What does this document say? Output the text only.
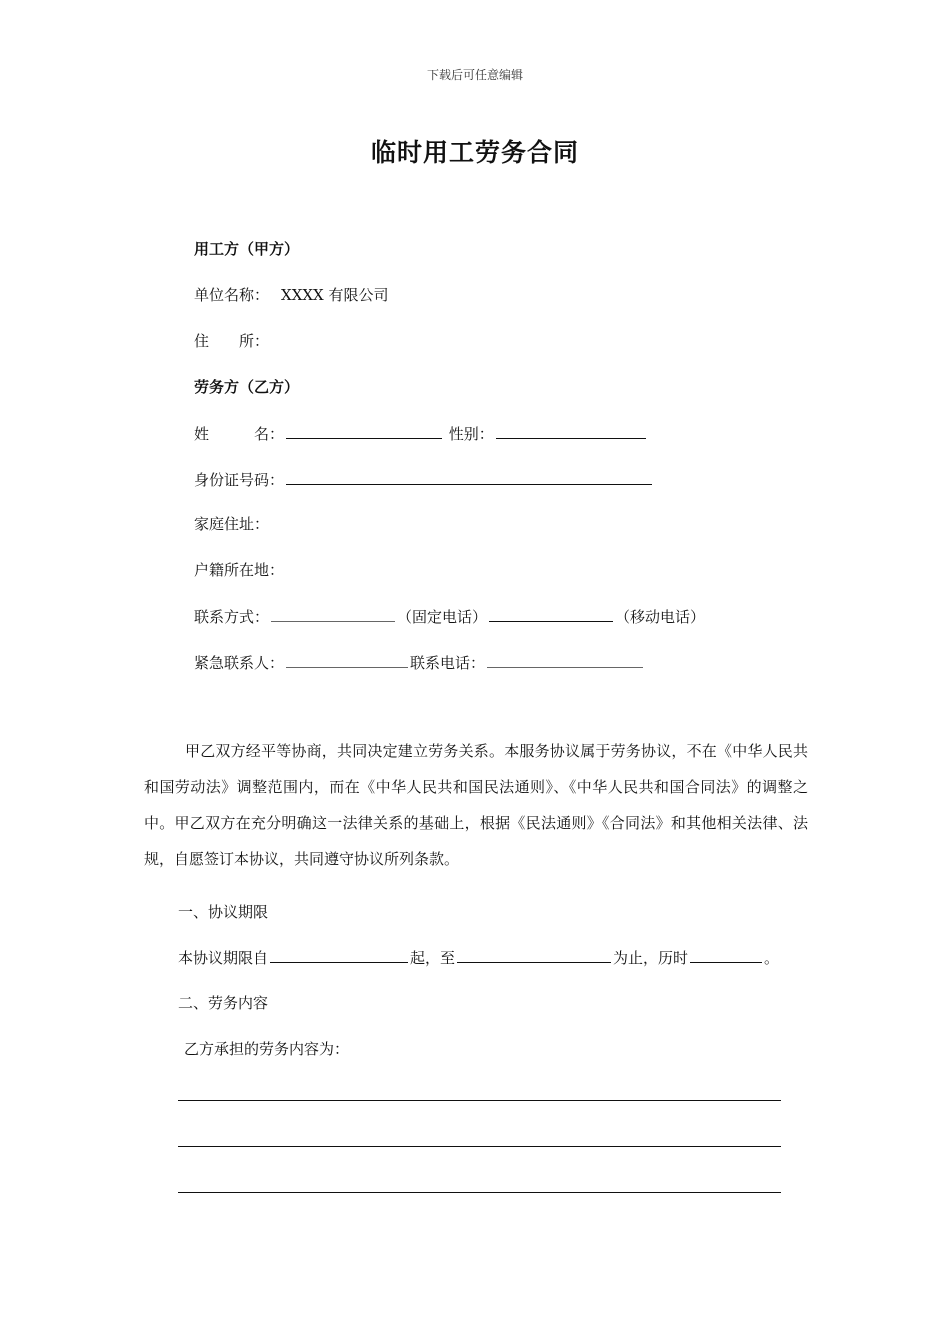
下载后可任意编辑
临时用工劳务合同
用工方（甲方）
单位名称： XXXX 有限公司
住　　所：
劳务方（乙方）
姓　　　名：	性别：
身份证号码：
家庭住址：
户籍所在地：
联系方式：	（固定电话）	（移动电话）
紧急联系人：	联系电话：
甲乙双方经平等协商，共同决定建立劳务关系。本服务协议属于劳务协议，不在《中华人民共和国劳动法》调整范围内，而在《中华人民共和国民法通则》、《中华人民共和国合同法》的调整之中。甲乙双方在充分明确这一法律关系的基础上，根据《民法通则》《合同法》和其他相关法律、法规，自愿签订本协议，共同遵守协议所列条款。
一、协议期限
本协议期限自	起，至	为止，历时	。
二、劳务内容
乙方承担的劳务内容为：
